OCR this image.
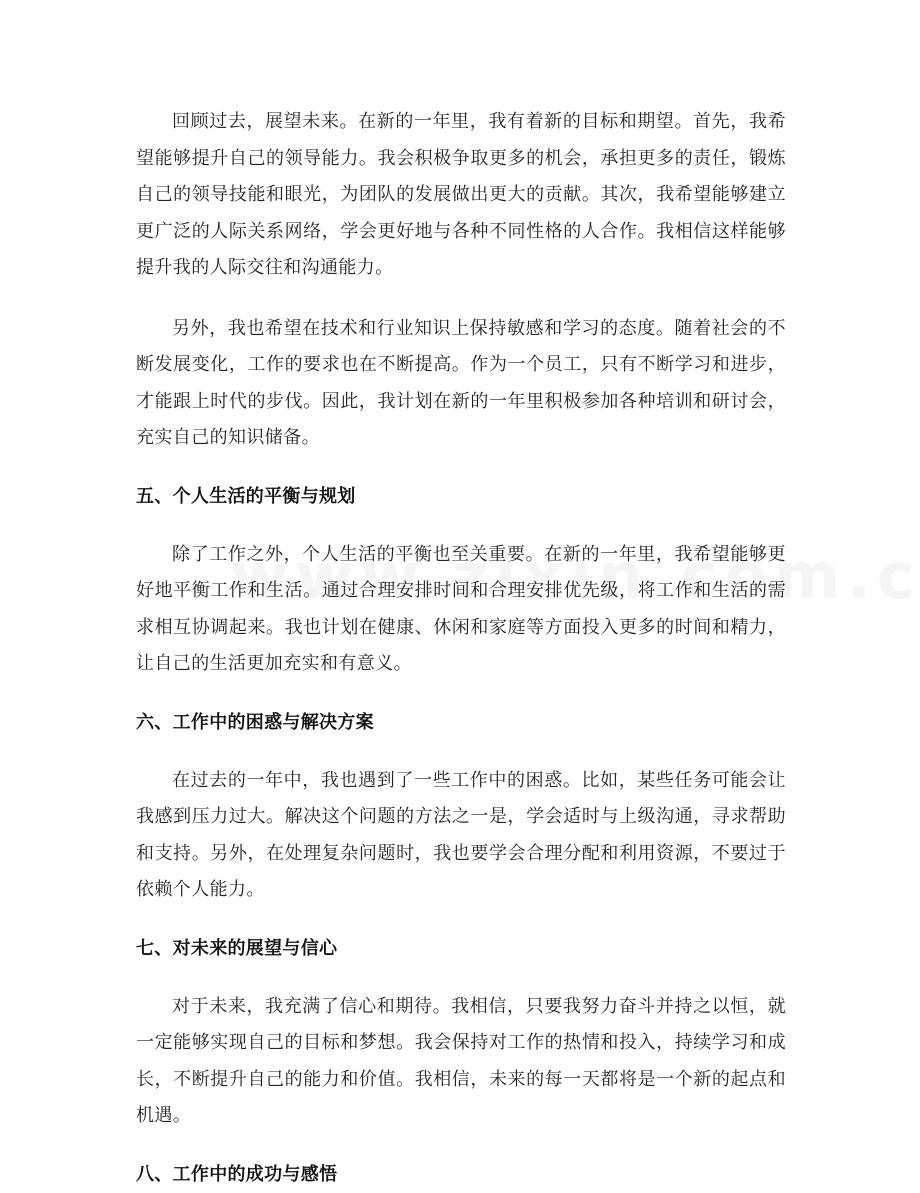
回顾过去，展望未来。在新的一年里，我有着新的目标和期望。首先，我希望能够提升自己的领导能力。我会积极争取更多的机会，承担更多的责任，锻炼自己的领导技能和眼光，为团队的发展做出更大的贡献。其次，我希望能够建立更广泛的人际关系网络，学会更好地与各种不同性格的人合作。我相信这样能够提升我的人际交往和沟通能力。

另外，我也希望在技术和行业知识上保持敏感和学习的态度。随着社会的不断发展变化，工作的要求也在不断提高。作为一个员工，只有不断学习和进步，才能跟上时代的步伐。因此，我计划在新的一年里积极参加各种培训和研讨会，充实自己的知识储备。

五、个人生活的平衡与规划

除了工作之外，个人生活的平衡也至关重要。在新的一年里，我希望能够更好地平衡工作和生活。通过合理安排时间和合理安排优先级，将工作和生活的需求相互协调起来。我也计划在健康、休闲和家庭等方面投入更多的时间和精力，让自己的生活更加充实和有意义。

六、工作中的困惑与解决方案

在过去的一年中，我也遇到了一些工作中的困惑。比如，某些任务可能会让我感到压力过大。解决这个问题的方法之一是，学会适时与上级沟通，寻求帮助和支持。另外，在处理复杂问题时，我也要学会合理分配和利用资源，不要过于依赖个人能力。

七、对未来的展望与信心

对于未来，我充满了信心和期待。我相信，只要我努力奋斗并持之以恒，就一定能够实现自己的目标和梦想。我会保持对工作的热情和投入，持续学习和成长，不断提升自己的能力和价值。我相信，未来的每一天都将是一个新的起点和机遇。

八、工作中的成功与感悟
